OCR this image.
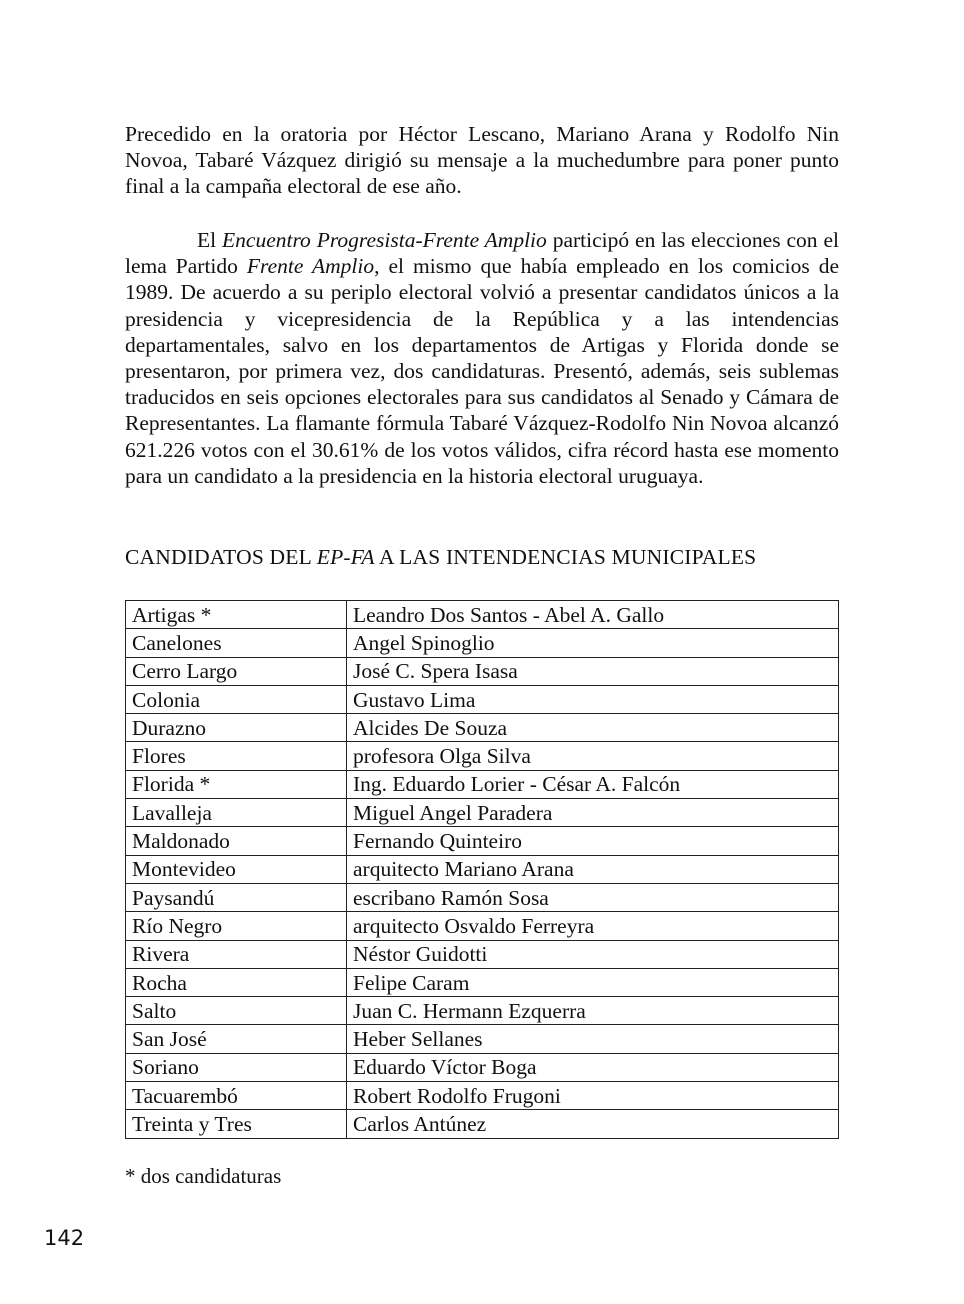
Precedido en la oratoria por Héctor Lescano, Mariano Arana y Rodolfo Nin Novoa, Tabaré Vázquez dirigió su mensaje a la muchedumbre para poner punto final a la campaña electoral de ese año.

El Encuentro Progresista-Frente Amplio participó en las elecciones con el lema Partido Frente Amplio, el mismo que había empleado en los comicios de 1989. De acuerdo a su periplo electoral volvió a presentar candidatos únicos a la presidencia y vicepresidencia de la República y a las intendencias departamentales, salvo en los departamentos de Artigas y Florida donde se presentaron, por primera vez, dos candidaturas. Presentó, además, seis sublemas traducidos en seis opciones electorales para sus candidatos al Senado y Cámara de Representantes. La flamante fórmula Tabaré Vázquez-Rodolfo Nin Novoa alcanzó 621.226 votos con el 30.61% de los votos válidos, cifra récord hasta ese momento para un candidato a la presidencia en la historia electoral uruguaya.

CANDIDATOS DEL EP-FA A LAS INTENDENCIAS MUNICIPALES
Artigas *	Leandro Dos Santos - Abel A. Gallo
Canelones	Angel Spinoglio
Cerro Largo	José C. Spera Isasa
Colonia	Gustavo Lima
Durazno	Alcides De Souza
Flores	profesora Olga Silva
Florida *	Ing. Eduardo Lorier - César A. Falcón
Lavalleja	Miguel Angel Paradera
Maldonado	Fernando Quinteiro
Montevideo	arquitecto Mariano Arana
Paysandú	escribano Ramón Sosa
Río Negro	arquitecto Osvaldo Ferreyra
Rivera	Néstor Guidotti
Rocha	Felipe Caram
Salto	Juan C. Hermann Ezquerra
San José	Heber Sellanes
Soriano	Eduardo Víctor Boga
Tacuarembó	Robert Rodolfo Frugoni
Treinta y Tres	Carlos Antúnez
* dos candidaturas
142
